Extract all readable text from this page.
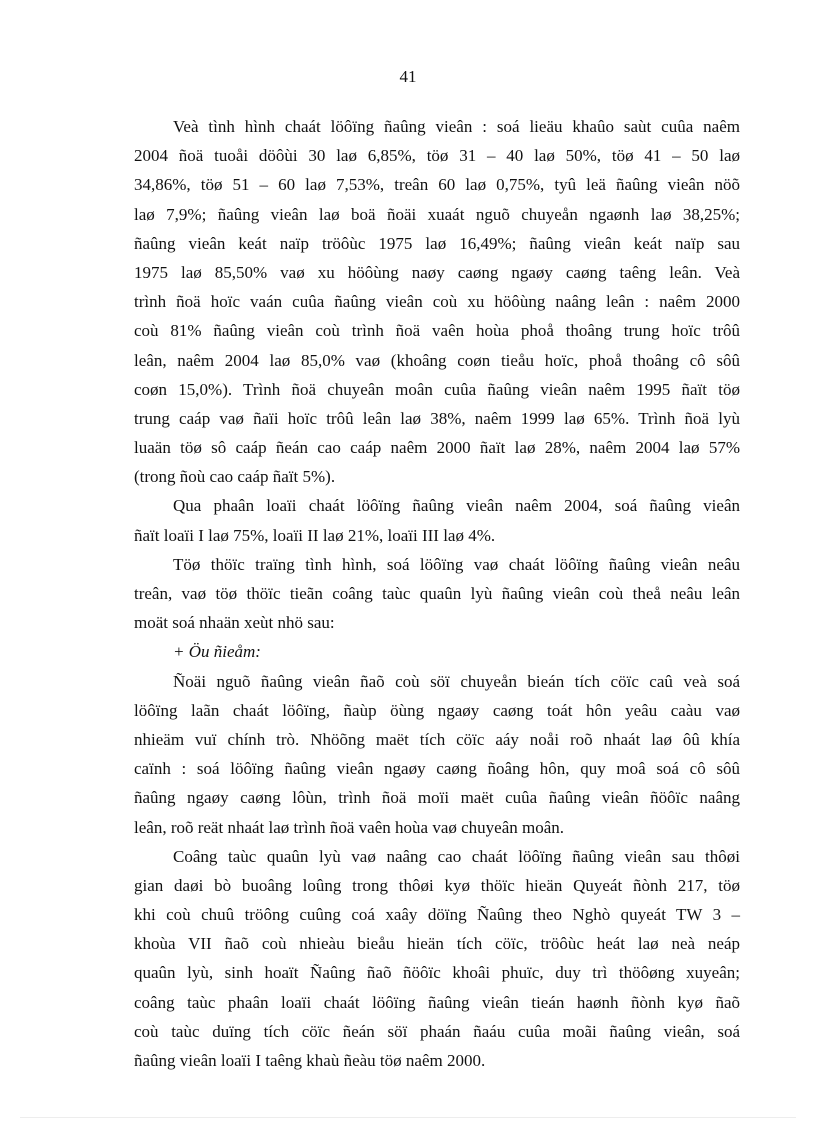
41
Veà tình hình chaát löôïng ñaûng vieân : soá lieäu khaûo saùt cuûa naêm
2004 ñoä tuoåi döôùi 30 laø 6,85%, töø 31 – 40 laø 50%, töø 41 – 50 laø
34,86%, töø 51 – 60 laø 7,53%, treân 60 laø 0,75%, tyû leä ñaûng vieân nöõ
laø 7,9%; ñaûng vieân laø boä ñoäi xuaát nguõ chuyeån ngaønh laø 38,25%;
ñaûng vieân keát naïp tröôùc 1975 laø 16,49%; ñaûng vieân keát naïp sau
1975 laø 85,50% vaø xu höôùng naøy caøng ngaøy caøng taêng leân. Veà
trình ñoä hoïc vaán cuûa ñaûng vieân coù xu höôùng naâng leân : naêm 2000
coù 81% ñaûng vieân coù trình ñoä vaên hoùa phoå thoâng trung hoïc trôû
leân, naêm 2004 laø 85,0% vaø (khoâng coøn tieåu hoïc, phoå thoâng cô sôû
coøn 15,0%). Trình ñoä chuyeân moân cuûa ñaûng vieân naêm 1995 ñaït töø
trung caáp vaø ñaïi hoïc trôû leân laø 38%, naêm 1999 laø 65%. Trình ñoä lyù
luaän töø sô caáp ñeán cao caáp naêm 2000 ñaït laø 28%, naêm 2004 laø 57%
(trong ñoù cao caáp ñaït 5%).
Qua phaân loaïi chaát löôïng ñaûng vieân naêm 2004, soá ñaûng vieân
ñaït loaïi I laø 75%, loaïi II laø 21%, loaïi III laø 4%.
Töø thöïc traïng tình hình, soá löôïng vaø chaát löôïng ñaûng vieân neâu
treân, vaø töø thöïc tieãn coâng taùc quaûn lyù ñaûng vieân coù theå neâu leân
moät soá nhaän xeùt nhö sau:
+ Öu ñieåm:
Ñoäi nguõ ñaûng vieân ñaõ coù söï chuyeån bieán tích cöïc caû veà soá
löôïng laãn chaát löôïng, ñaùp öùng ngaøy caøng toát hôn yeâu caàu vaø
nhieäm vuï chính trò. Nhöõng maët tích cöïc aáy noåi roõ nhaát laø ôû khía
caïnh : soá löôïng ñaûng vieân ngaøy caøng ñoâng hôn, quy moâ soá cô sôû
ñaûng ngaøy caøng lôùn, trình ñoä moïi maët cuûa ñaûng vieân ñöôïc naâng
leân, roõ reät nhaát laø trình ñoä vaên hoùa vaø chuyeân moân.
Coâng taùc quaûn lyù vaø naâng cao chaát löôïng ñaûng vieân sau thôøi
gian daøi bò buoâng loûng trong thôøi kyø thöïc hieän Quyeát ñònh 217, töø
khi coù chuû tröông cuûng coá xaây döïng Ñaûng theo Nghò quyeát TW 3 –
khoùa VII ñaõ coù nhieàu bieåu hieän tích cöïc, tröôùc heát laø neà neáp
quaûn lyù, sinh hoaït Ñaûng ñaõ ñöôïc khoâi phuïc, duy trì thöôøng xuyeân;
coâng taùc phaân loaïi chaát löôïng ñaûng vieân tieán haønh ñònh kyø ñaõ
coù taùc duïng tích cöïc ñeán söï phaán ñaáu cuûa moãi ñaûng vieân, soá
ñaûng vieân loaïi I taêng khaù ñeàu töø naêm 2000.
